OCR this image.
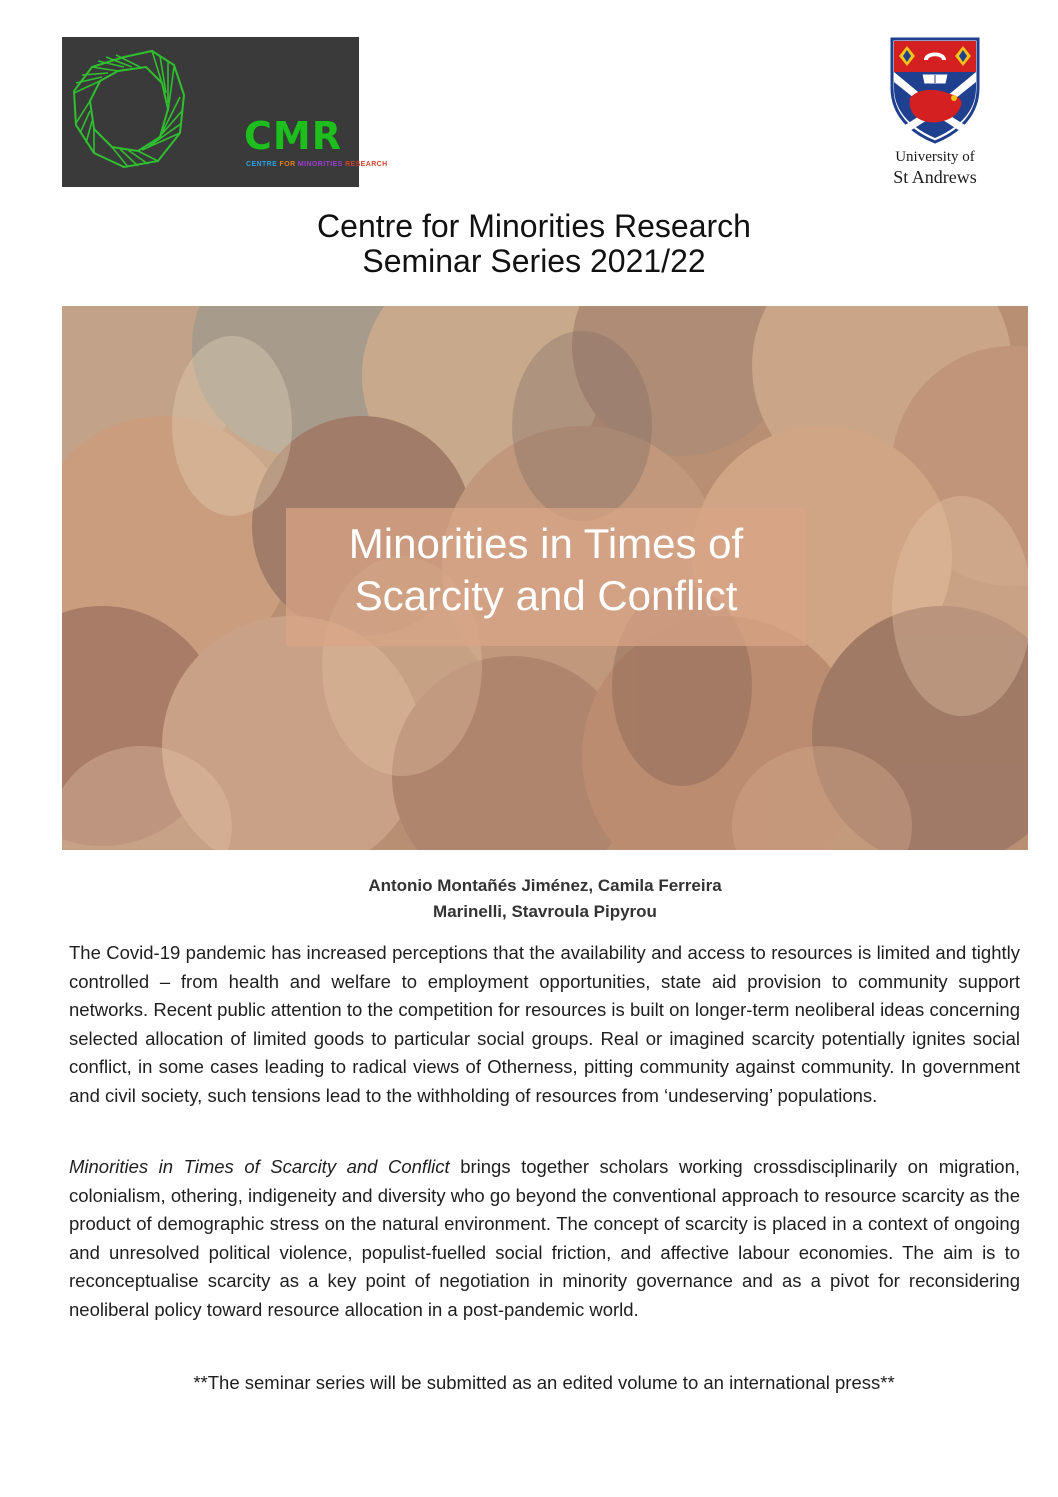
CMR
CENTRE FOR MINORITIES RESEARCH	University of
St Andrews
Centre for Minorities Research
Seminar Series 2021/22
Minorities in Times of
Scarcity and Conflict
Antonio Montañés Jiménez, Camila Ferreira
Marinelli, Stavroula Pipyrou

The Covid-19 pandemic has increased perceptions that the availability and access to resources is limited and tightly controlled – from health and welfare to employment opportunities, state aid provision to community support networks. Recent public attention to the competition for resources is built on longer-term neoliberal ideas concerning selected allocation of limited goods to particular social groups. Real or imagined scarcity potentially ignites social conflict, in some cases leading to radical views of Otherness, pitting community against community. In government and civil society, such tensions lead to the withholding of resources from ‘undeserving’ populations.

Minorities in Times of Scarcity and Conflict brings together scholars working crossdisciplinarily on migration, colonialism, othering, indigeneity and diversity who go beyond the conventional approach to resource scarcity as the product of demographic stress on the natural environment. The concept of scarcity is placed in a context of ongoing and unresolved political violence, populist-fuelled social friction, and affective labour economies. The aim is to reconceptualise scarcity as a key point of negotiation in minority governance and as a pivot for reconsidering neoliberal policy toward resource allocation in a post-pandemic world.

**The seminar series will be submitted as an edited volume to an international press**
